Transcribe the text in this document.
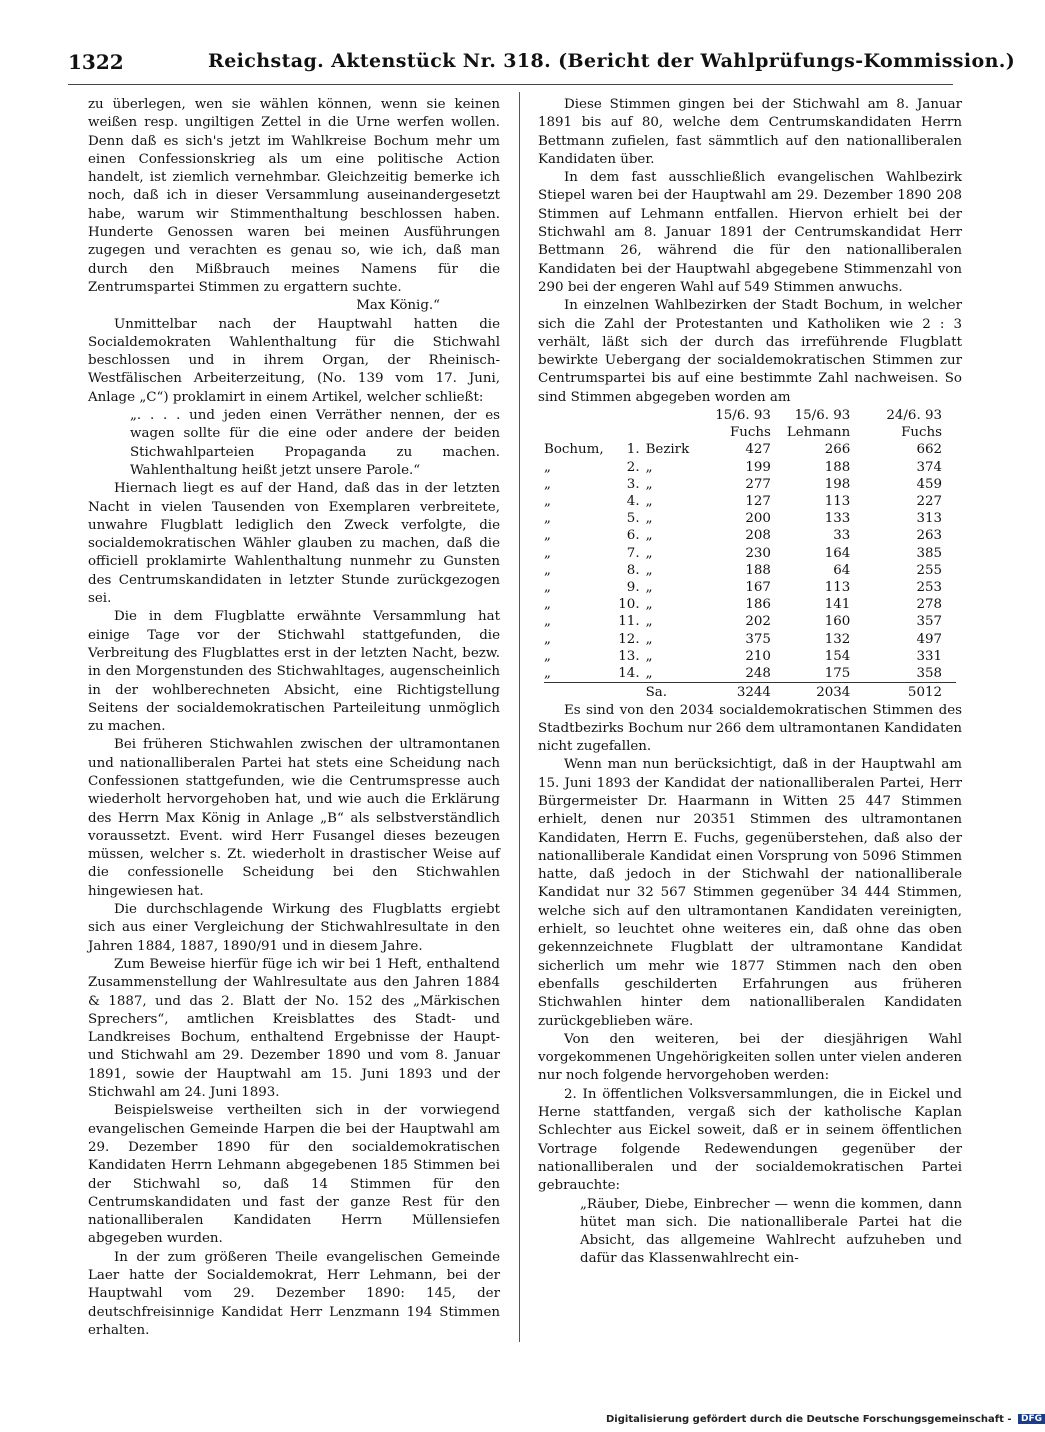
1322	Reichstag. Aktenstück Nr. 318. (Bericht der Wahlprüfungs-Kommission.)

zu überlegen, wen sie wählen können, wenn sie keinen weißen resp. ungiltigen Zettel in die Urne werfen wollen. Denn daß es sich's jetzt im Wahlkreise Bochum mehr um einen Confessionskrieg als um eine politische Action handelt, ist ziemlich vernehmbar. Gleichzeitig bemerke ich noch, daß ich in dieser Versammlung auseinandergesetzt habe, warum wir Stimmenthaltung beschlossen haben. Hunderte Genossen waren bei meinen Ausführungen zugegen und verachten es genau so, wie ich, daß man durch den Mißbrauch meines Namens für die Zentrumspartei Stimmen zu ergattern suchte.

Max König.“

Unmittelbar nach der Hauptwahl hatten die Socialdemokraten Wahlenthaltung für die Stichwahl beschlossen und in ihrem Organ, der Rheinisch-Westfälischen Arbeiterzeitung, (No. 139 vom 17. Juni, Anlage „C“) proklamirt in einem Artikel, welcher schließt:

„. . . . und jeden einen Verräther nennen, der es wagen sollte für die eine oder andere der beiden Stichwahlparteien Propaganda zu machen. Wahlenthaltung heißt jetzt unsere Parole.“

Hiernach liegt es auf der Hand, daß das in der letzten Nacht in vielen Tausenden von Exemplaren verbreitete, unwahre Flugblatt lediglich den Zweck verfolgte, die socialdemokratischen Wähler glauben zu machen, daß die officiell proklamirte Wahlenthaltung nunmehr zu Gunsten des Centrumskandidaten in letzter Stunde zurückgezogen sei.

Die in dem Flugblatte erwähnte Versammlung hat einige Tage vor der Stichwahl stattgefunden, die Verbreitung des Flugblattes erst in der letzten Nacht, bezw. in den Morgenstunden des Stichwahltages, augenscheinlich in der wohlberechneten Absicht, eine Richtigstellung Seitens der socialdemokratischen Parteileitung unmöglich zu machen.

Bei früheren Stichwahlen zwischen der ultramontanen und nationalliberalen Partei hat stets eine Scheidung nach Confessionen stattgefunden, wie die Centrumspresse auch wiederholt hervorgehoben hat, und wie auch die Erklärung des Herrn Max König in Anlage „B“ als selbstverständlich voraussetzt. Event. wird Herr Fusangel dieses bezeugen müssen, welcher s. Zt. wiederholt in drastischer Weise auf die confessionelle Scheidung bei den Stichwahlen hingewiesen hat.

Die durchschlagende Wirkung des Flugblatts ergiebt sich aus einer Vergleichung der Stichwahlresultate in den Jahren 1884, 1887, 1890/91 und in diesem Jahre.

Zum Beweise hierfür füge ich wir bei 1 Heft, enthaltend Zusammenstellung der Wahlresultate aus den Jahren 1884 & 1887, und das 2. Blatt der No. 152 des „Märkischen Sprechers“, amtlichen Kreisblattes des Stadt- und Landkreises Bochum, enthaltend Ergebnisse der Haupt- und Stichwahl am 29. Dezember 1890 und vom 8. Januar 1891, sowie der Hauptwahl am 15. Juni 1893 und der Stichwahl am 24. Juni 1893.

Beispielsweise vertheilten sich in der vorwiegend evangelischen Gemeinde Harpen die bei der Hauptwahl am 29. Dezember 1890 für den socialdemokratischen Kandidaten Herrn Lehmann abgegebenen 185 Stimmen bei der Stichwahl so, daß 14 Stimmen für den Centrumskandidaten und fast der ganze Rest für den nationalliberalen Kandidaten Herrn Müllensiefen abgegeben wurden.

In der zum größeren Theile evangelischen Gemeinde Laer hatte der Socialdemokrat, Herr Lehmann, bei der Hauptwahl vom 29. Dezember 1890: 145, der deutschfreisinnige Kandidat Herr Lenzmann 194 Stimmen erhalten.

Diese Stimmen gingen bei der Stichwahl am 8. Januar 1891 bis auf 80, welche dem Centrumskandidaten Herrn Bettmann zufielen, fast sämmtlich auf den nationalliberalen Kandidaten über.

In dem fast ausschließlich evangelischen Wahlbezirk Stiepel waren bei der Hauptwahl am 29. Dezember 1890 208 Stimmen auf Lehmann entfallen. Hiervon erhielt bei der Stichwahl am 8. Januar 1891 der Centrumskandidat Herr Bettmann 26, während die für den nationalliberalen Kandidaten bei der Hauptwahl abgegebene Stimmenzahl von 290 bei der engeren Wahl auf 549 Stimmen anwuchs.

In einzelnen Wahlbezirken der Stadt Bochum, in welcher sich die Zahl der Protestanten und Katholiken wie 2 : 3 verhält, läßt sich der durch das irreführende Flugblatt bewirkte Uebergang der socialdemokratischen Stimmen zur Centrumspartei bis auf eine bestimmte Zahl nachweisen. So sind Stimmen abgegeben worden am

			15/6. 93	15/6. 93	24/6. 93
			Fuchs	Lehmann	Fuchs
Bochum,	1.	Bezirk	427	266	662
„	2.	„	199	188	374
„	3.	„	277	198	459
„	4.	„	127	113	227
„	5.	„	200	133	313
„	6.	„	208	33	263
„	7.	„	230	164	385
„	8.	„	188	64	255
„	9.	„	167	113	253
„	10.	„	186	141	278
„	11.	„	202	160	357
„	12.	„	375	132	497
„	13.	„	210	154	331
„	14.	„	248	175	358
		Sa.	3244	2034	5012

Es sind von den 2034 socialdemokratischen Stimmen des Stadtbezirks Bochum nur 266 dem ultramontanen Kandidaten nicht zugefallen.

Wenn man nun berücksichtigt, daß in der Hauptwahl am 15. Juni 1893 der Kandidat der nationalliberalen Partei, Herr Bürgermeister Dr. Haarmann in Witten 25 447 Stimmen erhielt, denen nur 20351 Stimmen des ultramontanen Kandidaten, Herrn E. Fuchs, gegenüberstehen, daß also der nationalliberale Kandidat einen Vorsprung von 5096 Stimmen hatte, daß jedoch in der Stichwahl der nationalliberale Kandidat nur 32 567 Stimmen gegenüber 34 444 Stimmen, welche sich auf den ultramontanen Kandidaten vereinigten, erhielt, so leuchtet ohne weiteres ein, daß ohne das oben gekennzeichnete Flugblatt der ultramontane Kandidat sicherlich um mehr wie 1877 Stimmen nach den oben ebenfalls geschilderten Erfahrungen aus früheren Stichwahlen hinter dem nationalliberalen Kandidaten zurückgeblieben wäre.

Von den weiteren, bei der diesjährigen Wahl vorgekommenen Ungehörigkeiten sollen unter vielen anderen nur noch folgende hervorgehoben werden:

2. In öffentlichen Volksversammlungen, die in Eickel und Herne stattfanden, vergaß sich der katholische Kaplan Schlechter aus Eickel soweit, daß er in seinem öffentlichen Vortrage folgende Redewendungen gegenüber der nationalliberalen und der socialdemokratischen Partei gebrauchte:

„Räuber, Diebe, Einbrecher — wenn die kommen, dann hütet man sich. Die nationalliberale Partei hat die Absicht, das allgemeine Wahlrecht aufzuheben und dafür das Klassenwahlrecht ein-

Digitalisierung gefördert durch die Deutsche Forschungsgemeinschaft - DFG
